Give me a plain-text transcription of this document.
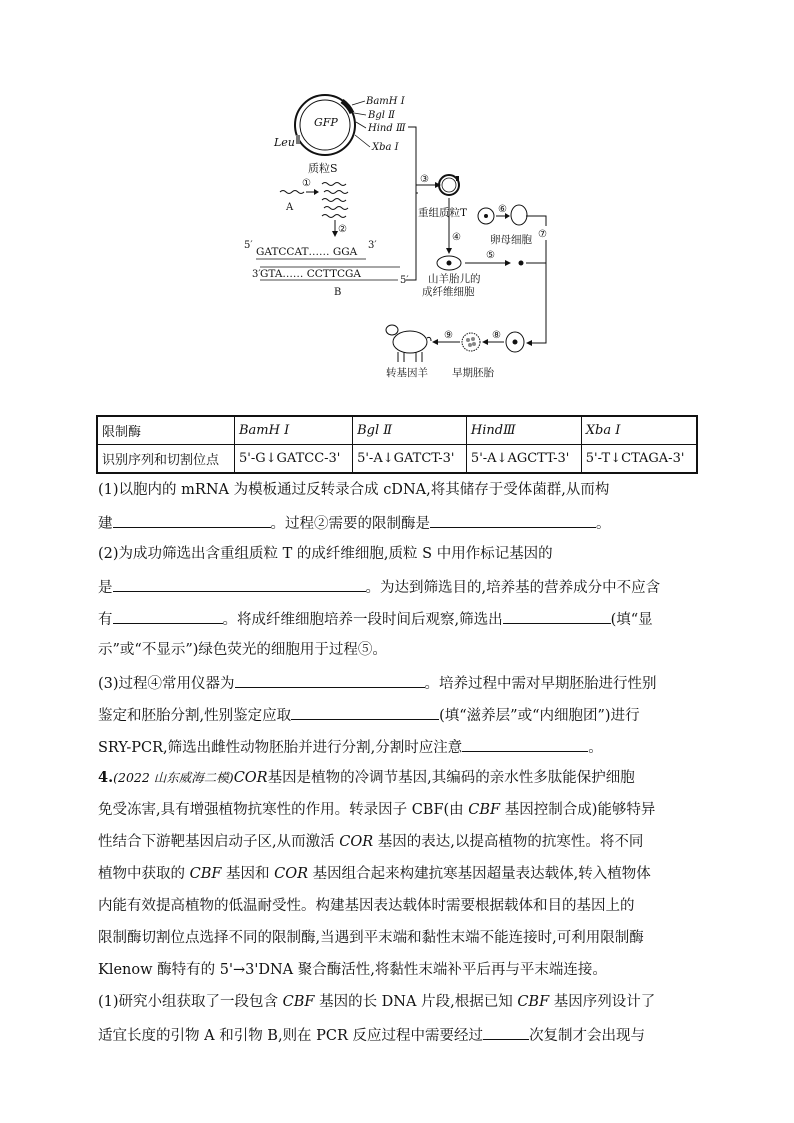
GFP
Leu
质粒S
BamH Ⅰ
Bgl Ⅱ
Hind Ⅲ
Xba Ⅰ
③
①
A
②
5′
GATCCAT…… GGA
3′
3′ GTA…… CCTTCGA
5′
B
重组质粒T	⑥
卵母细胞
④
山羊胎儿的
成纤维细胞
⑤
⑦
⑧
⑨
转基因羊 早期胚胎
限制酶	BamH Ⅰ	Bgl Ⅱ	HindⅢ	Xba Ⅰ
识别序列和切割位点	5'-G↓GATCC-3'	5'-A↓GATCT-3'	5'-A↓AGCTT-3'	5'-T↓CTAGA-3'
(1)以胞内的 mRNA 为模板通过反转录合成 cDNA,将其储存于受体菌群,从而构
建	。过程②需要的限制酶是	。
(2)为成功筛选出含重组质粒 T 的成纤维细胞,质粒 S 中用作标记基因的
是	。为达到筛选目的,培养基的营养成分中不应含
有	。将成纤维细胞培养一段时间后观察,筛选出	(填“显
示”或“不显示”)绿色荧光的细胞用于过程⑤。
(3)过程④常用仪器为	。培养过程中需对早期胚胎进行性别
鉴定和胚胎分割,性别鉴定应取	(填“滋养层”或“内细胞团”)进行
SRY-PCR,筛选出雌性动物胚胎并进行分割,分割时应注意	。
4.(2022 山东威海二模)COR基因是植物的冷调节基因,其编码的亲水性多肽能保护细胞
免受冻害,具有增强植物抗寒性的作用。转录因子 CBF(由 CBF 基因控制合成)能够特异
性结合下游靶基因启动子区,从而激活 COR 基因的表达,以提高植物的抗寒性。将不同
植物中获取的 CBF 基因和 COR 基因组合起来构建抗寒基因超量表达载体,转入植物体
内能有效提高植物的低温耐受性。构建基因表达载体时需要根据载体和目的基因上的
限制酶切割位点选择不同的限制酶,当遇到平末端和黏性末端不能连接时,可利用限制酶
Klenow 酶特有的 5'→3'DNA 聚合酶活性,将黏性末端补平后再与平末端连接。
(1)研究小组获取了一段包含 CBF 基因的长 DNA 片段,根据已知 CBF 基因序列设计了
适宜长度的引物 A 和引物 B,则在 PCR 反应过程中需要经过	次复制才会出现与
